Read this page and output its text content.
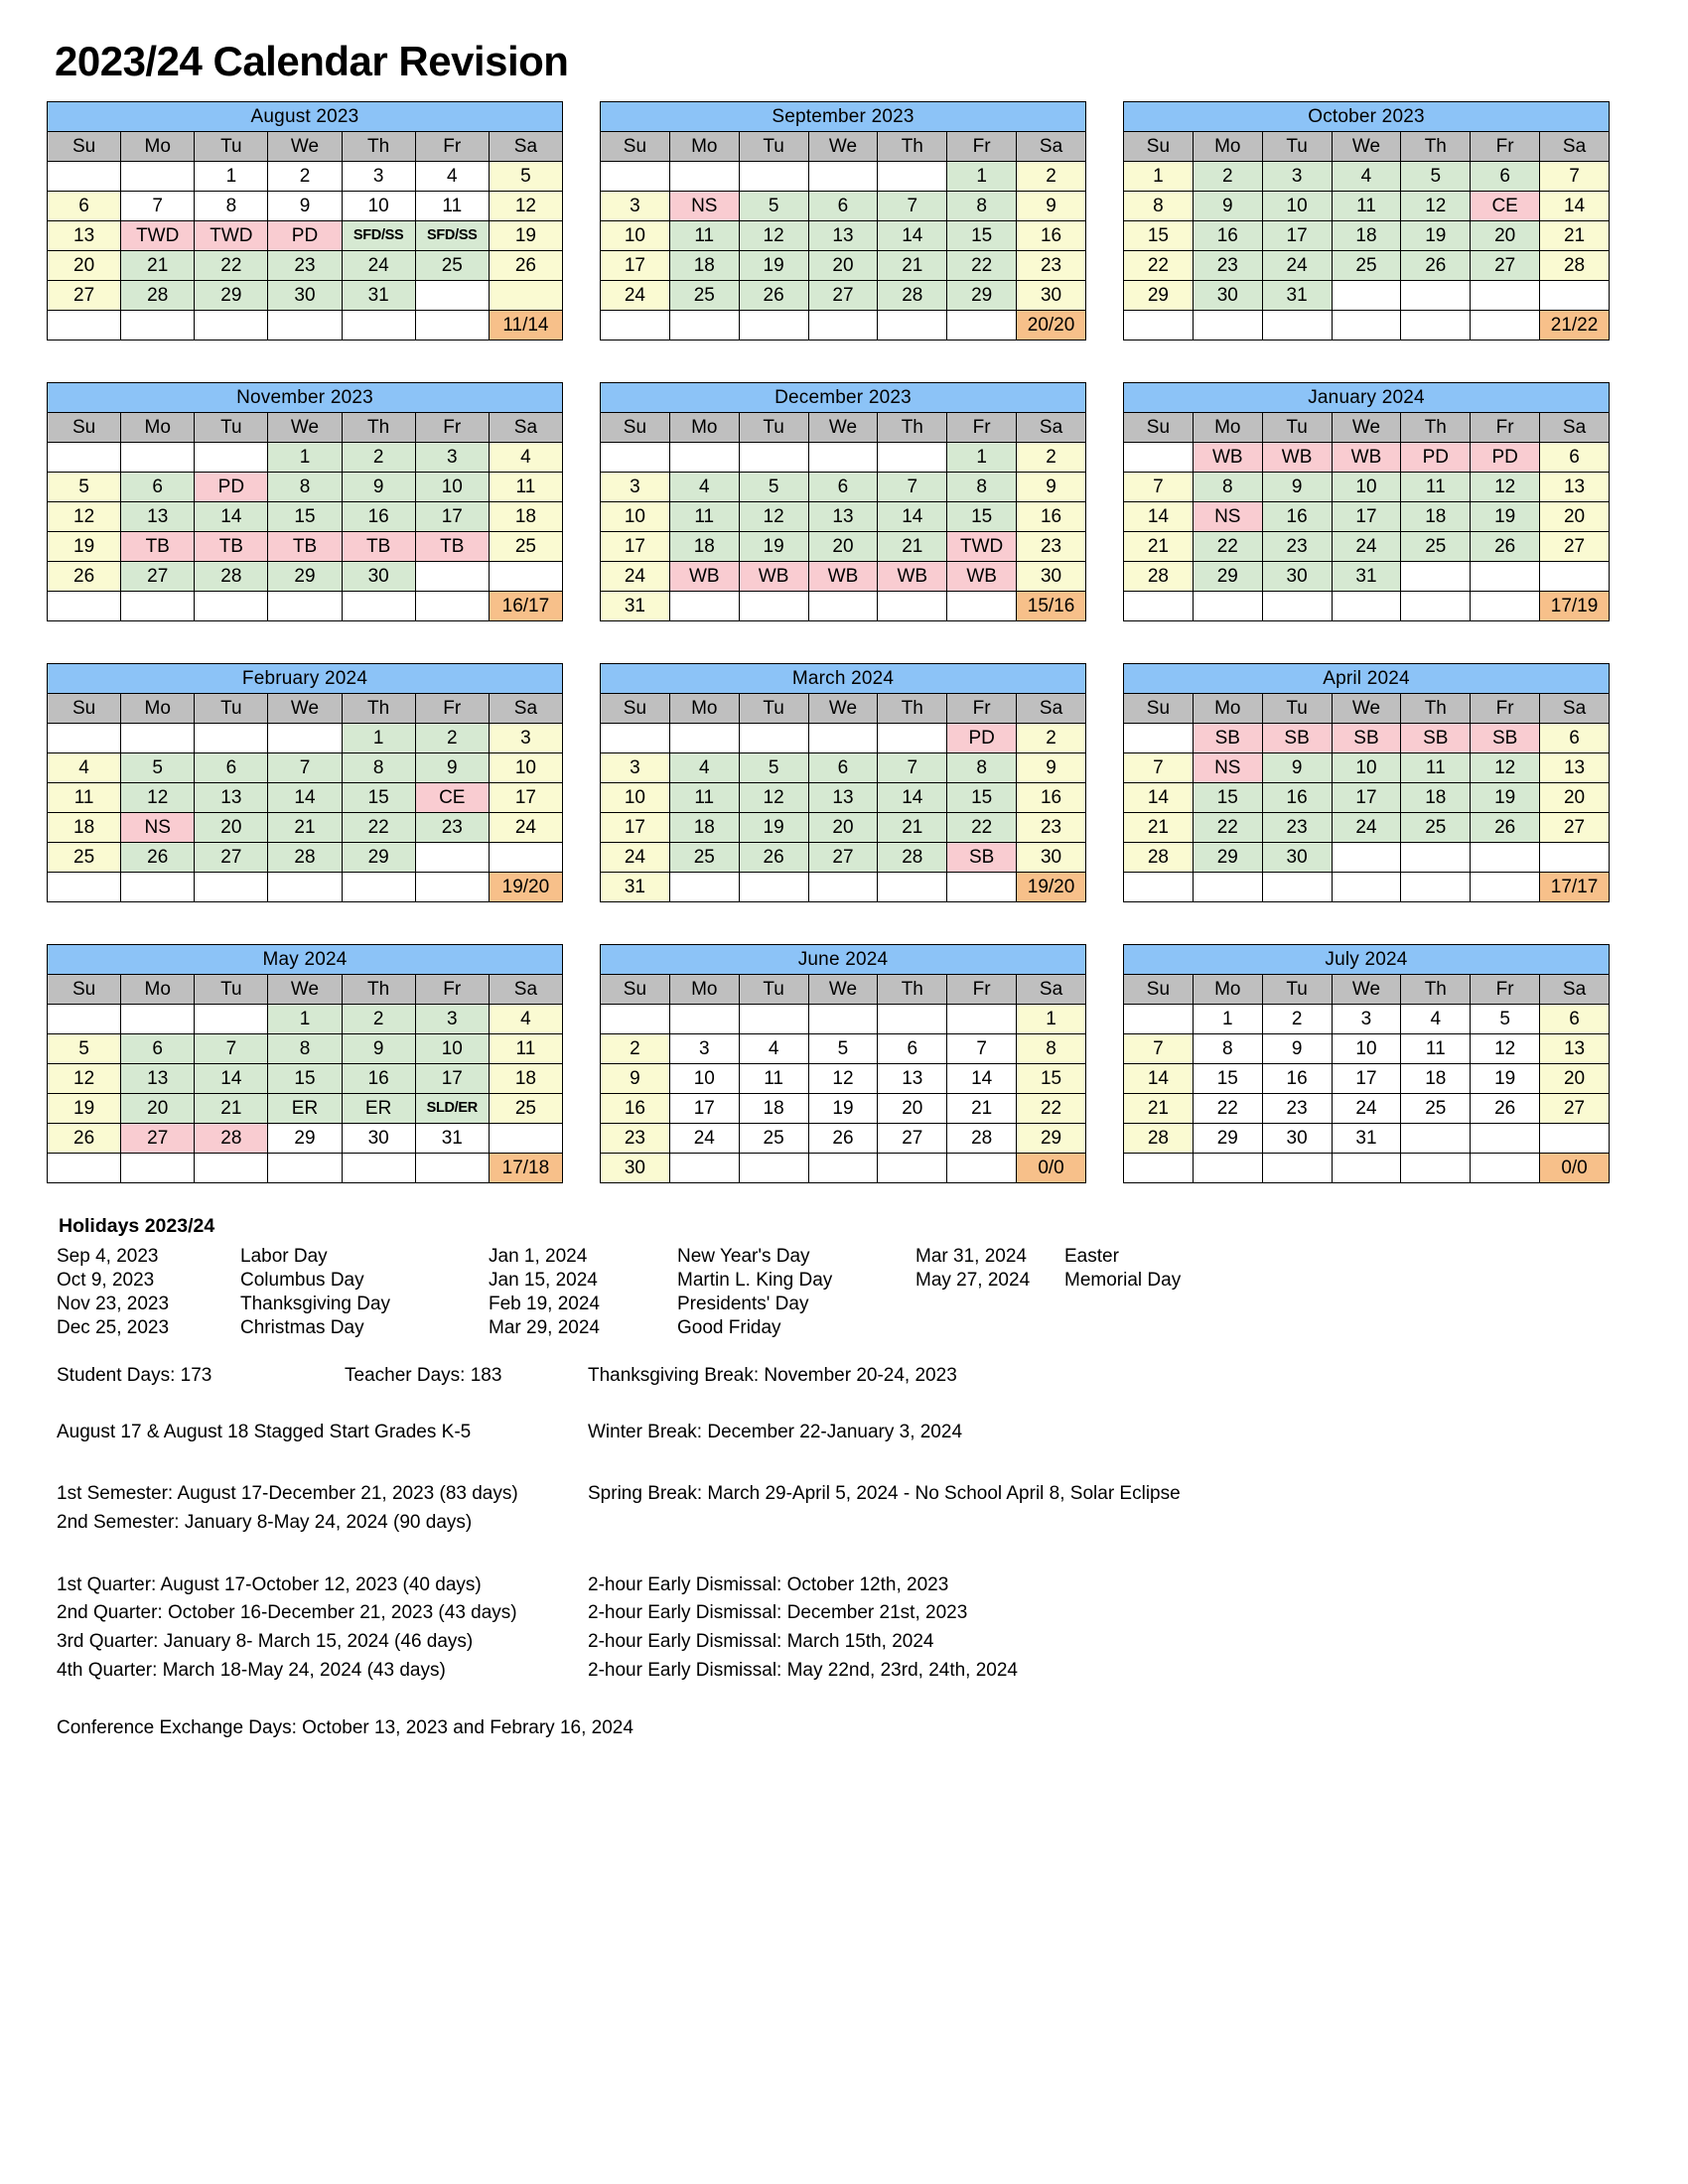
2023/24 Calendar Revision
August 2023						
Su	Mo	Tu	We	Th	Fr	Sa
		1	2	3	4	5
6	7	8	9	10	11	12
13	TWD	TWD	PD	SFD/SS	SFD/SS	19
20	21	22	23	24	25	26
27	28	29	30	31		
						11/14
September 2023						
Su	Mo	Tu	We	Th	Fr	Sa
					1	2
3	NS	5	6	7	8	9
10	11	12	13	14	15	16
17	18	19	20	21	22	23
24	25	26	27	28	29	30
						20/20
October 2023						
Su	Mo	Tu	We	Th	Fr	Sa
1	2	3	4	5	6	7
8	9	10	11	12	CE	14
15	16	17	18	19	20	21
22	23	24	25	26	27	28
29	30	31				
						21/22
November 2023						
Su	Mo	Tu	We	Th	Fr	Sa
			1	2	3	4
5	6	PD	8	9	10	11
12	13	14	15	16	17	18
19	TB	TB	TB	TB	TB	25
26	27	28	29	30		
						16/17
December 2023						
Su	Mo	Tu	We	Th	Fr	Sa
					1	2
3	4	5	6	7	8	9
10	11	12	13	14	15	16
17	18	19	20	21	TWD	23
24	WB	WB	WB	WB	WB	30
31						15/16
January 2024						
Su	Mo	Tu	We	Th	Fr	Sa
	WB	WB	WB	PD	PD	6
7	8	9	10	11	12	13
14	NS	16	17	18	19	20
21	22	23	24	25	26	27
28	29	30	31			
						17/19
February 2024						
Su	Mo	Tu	We	Th	Fr	Sa
				1	2	3
4	5	6	7	8	9	10
11	12	13	14	15	CE	17
18	NS	20	21	22	23	24
25	26	27	28	29		
						19/20
March 2024						
Su	Mo	Tu	We	Th	Fr	Sa
					PD	2
3	4	5	6	7	8	9
10	11	12	13	14	15	16
17	18	19	20	21	22	23
24	25	26	27	28	SB	30
31						19/20
April 2024						
Su	Mo	Tu	We	Th	Fr	Sa
	SB	SB	SB	SB	SB	6
7	NS	9	10	11	12	13
14	15	16	17	18	19	20
21	22	23	24	25	26	27
28	29	30				
						17/17
May 2024						
Su	Mo	Tu	We	Th	Fr	Sa
			1	2	3	4
5	6	7	8	9	10	11
12	13	14	15	16	17	18
19	20	21	ER	ER	SLD/ER	25
26	27	28	29	30	31	
						17/18
June 2024						
Su	Mo	Tu	We	Th	Fr	Sa
						1
2	3	4	5	6	7	8
9	10	11	12	13	14	15
16	17	18	19	20	21	22
23	24	25	26	27	28	29
30						0/0
July 2024						
Su	Mo	Tu	We	Th	Fr	Sa
	1	2	3	4	5	6
7	8	9	10	11	12	13
14	15	16	17	18	19	20
21	22	23	24	25	26	27
28	29	30	31			
						0/0
Holidays 2023/24
Sep 4, 2023	Labor Day	Jan 1, 2024	New Year's Day	Mar 31, 2024	Easter
Oct 9, 2023	Columbus Day	Jan 15, 2024	Martin L. King Day	May 27, 2024	Memorial Day
Nov 23, 2023	Thanksgiving Day	Feb 19, 2024	Presidents' Day		
Dec 25, 2023	Christmas Day	Mar 29, 2024	Good Friday		
Student Days: 173	Teacher Days: 183	Thanksgiving Break: November 20-24, 2023
August 17 & August 18 Stagged Start Grades K-5	Winter Break: December 22-January 3, 2024
1st Semester: August 17-December 21, 2023 (83 days)
2nd Semester: January 8-May 24, 2024 (90 days)
Spring Break: March 29-April 5, 2024 - No School April 8, Solar Eclipse
1st Quarter: August 17-October 12, 2023 (40 days)
2nd Quarter: October 16-December 21, 2023 (43 days)
3rd Quarter: January 8- March 15, 2024 (46 days)
4th Quarter: March 18-May 24, 2024 (43 days)
2-hour Early Dismissal: October 12th, 2023
2-hour Early Dismissal: December 21st, 2023
2-hour Early Dismissal: March 15th, 2024
2-hour Early Dismissal: May 22nd, 23rd, 24th, 2024
Conference Exchange Days: October 13, 2023 and Febrary 16, 2024
